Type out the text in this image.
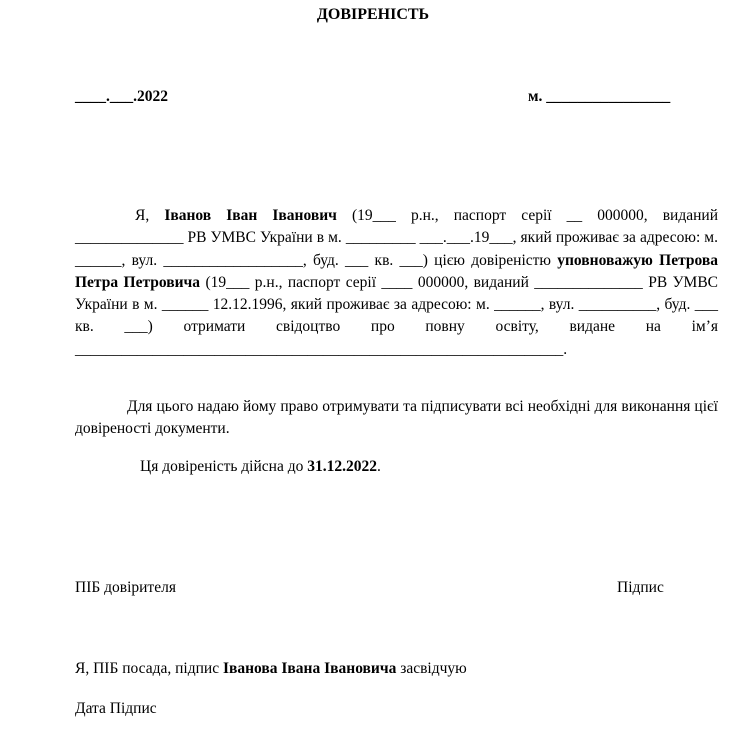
ДОВІРЕНІСТЬ
____.___.2022	м. ________________
Я, Іванов Іван Іванович (19___ р.н., паспорт серії __ 000000, виданий ______________ РВ УМВС України в м. _________ ___.___.19___, який проживає за адресою: м. ______, вул. __________________, буд. ___ кв. ___) цією довіреністю уповноважую Петрова Петра Петровича (19___ р.н., паспорт серії ____ 000000, виданий ______________ РВ УМВС України в м. ______ 12.12.1996, який проживає за адресою: м. ______, вул. __________, буд. ___ кв. ___) отримати свідоцтво про повну освіту, видане на ім’я _______________________________________________________________.
Для цього надаю йому право отримувати та підписувати всі необхідні для виконання цієї довіреності документи.
Ця довіреність дійсна до 31.12.2022.
ПІБ довірителя	Підпис
Я, ПІБ посада, підпис Іванова Івана Івановича засвідчую
Дата Підпис
